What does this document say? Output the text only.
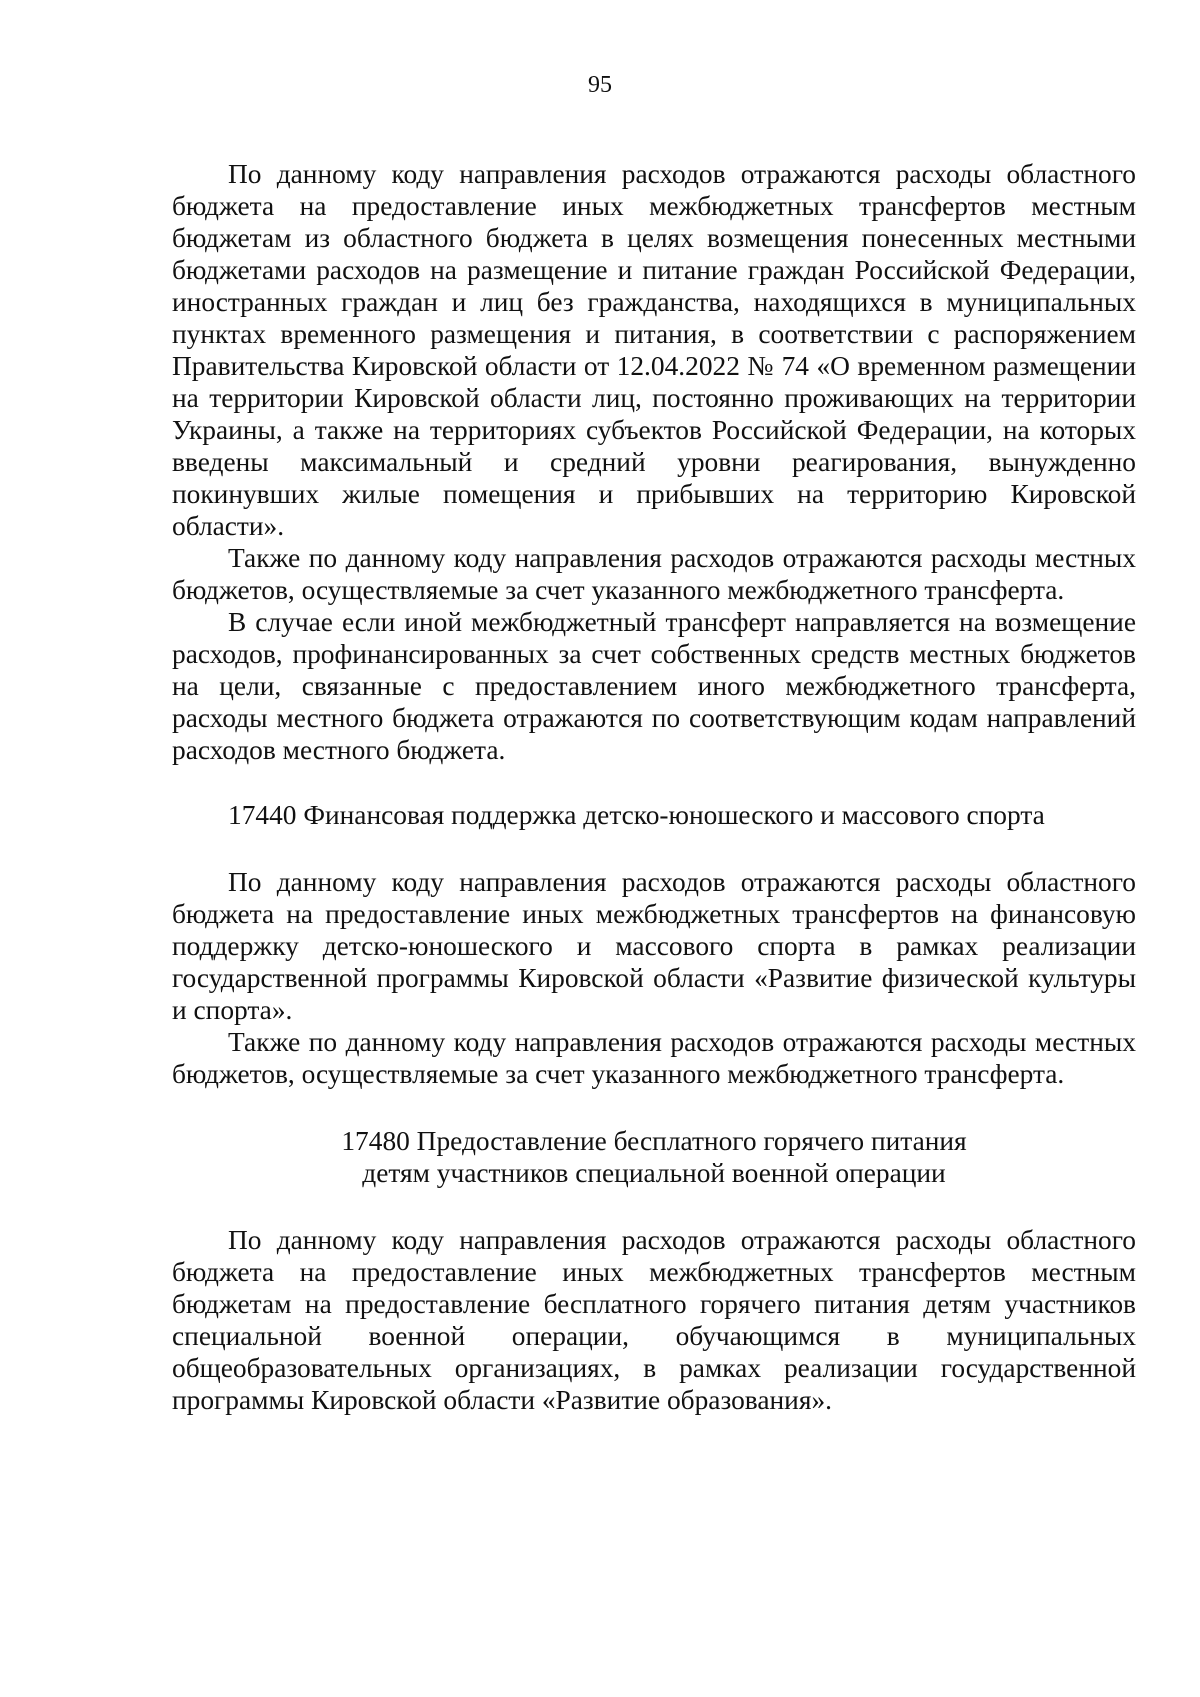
95

По данному коду направления расходов отражаются расходы областного бюджета на предоставление иных межбюджетных трансфертов местным бюджетам из областного бюджета в целях возмещения понесенных местными бюджетами расходов на размещение и питание граждан Российской Федерации, иностранных граждан и лиц без гражданства, находящихся в муниципальных пунктах временного размещения и питания, в соответствии с распоряжением Правительства Кировской области от 12.04.2022 № 74 «О временном размещении на территории Кировской области лиц, постоянно проживающих на территории Украины, а также на территориях субъектов Российской Федерации, на которых введены максимальный и средний уровни реагирования, вынужденно покинувших жилые помещения и прибывших на территорию Кировской области».

Также по данному коду направления расходов отражаются расходы местных бюджетов, осуществляемые за счет указанного межбюджетного трансферта.

В случае если иной межбюджетный трансферт направляется на возмещение расходов, профинансированных за счет собственных средств местных бюджетов на цели, связанные с предоставлением иного межбюджетного трансферта, расходы местного бюджета отражаются по соответствующим кодам направлений расходов местного бюджета.

17440 Финансовая поддержка детско-юношеского и массового спорта

По данному коду направления расходов отражаются расходы областного бюджета на предоставление иных межбюджетных трансфертов на финансовую поддержку детско-юношеского и массового спорта в рамках реализации государственной программы Кировской области «Развитие физической культуры и спорта».

Также по данному коду направления расходов отражаются расходы местных бюджетов, осуществляемые за счет указанного межбюджетного трансферта.

17480 Предоставление бесплатного горячего питания

детям участников специальной военной операции

По данному коду направления расходов отражаются расходы областного бюджета на предоставление иных межбюджетных трансфертов местным бюджетам на предоставление бесплатного горячего питания детям участников специальной военной операции, обучающимся в муниципальных общеобразовательных организациях, в рамках реализации государственной программы Кировской области «Развитие образования».
